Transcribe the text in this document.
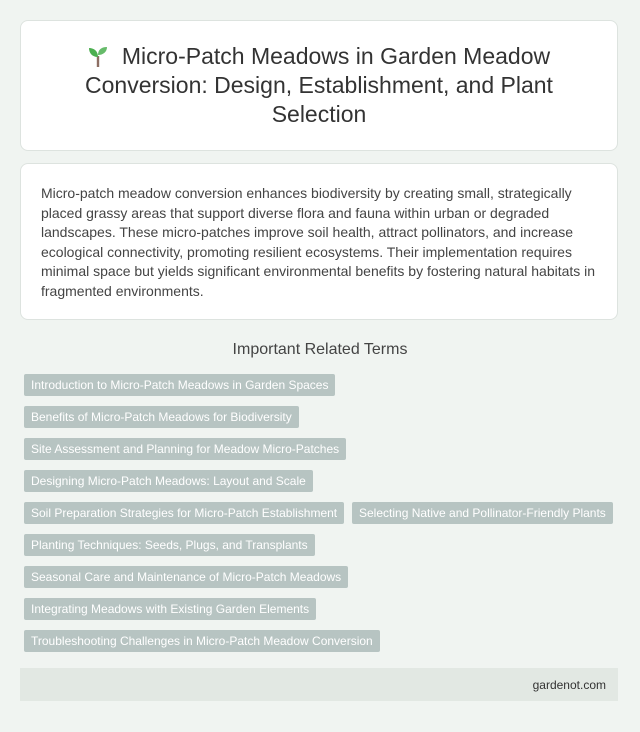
Micro-Patch Meadows in Garden Meadow Conversion: Design, Establishment, and Plant Selection

Micro-patch meadow conversion enhances biodiversity by creating small, strategically placed grassy areas that support diverse flora and fauna within urban or degraded landscapes. These micro-patches improve soil health, attract pollinators, and increase ecological connectivity, promoting resilient ecosystems. Their implementation requires minimal space but yields significant environmental benefits by fostering natural habitats in fragmented environments.

Important Related Terms
Introduction to Micro-Patch Meadows in Garden Spaces
Benefits of Micro-Patch Meadows for Biodiversity
Site Assessment and Planning for Meadow Micro-Patches
Designing Micro-Patch Meadows: Layout and Scale
Soil Preparation Strategies for Micro-Patch Establishment	Selecting Native and Pollinator-Friendly Plants
Planting Techniques: Seeds, Plugs, and Transplants
Seasonal Care and Maintenance of Micro-Patch Meadows
Integrating Meadows with Existing Garden Elements
Troubleshooting Challenges in Micro-Patch Meadow Conversion
gardenot.com
